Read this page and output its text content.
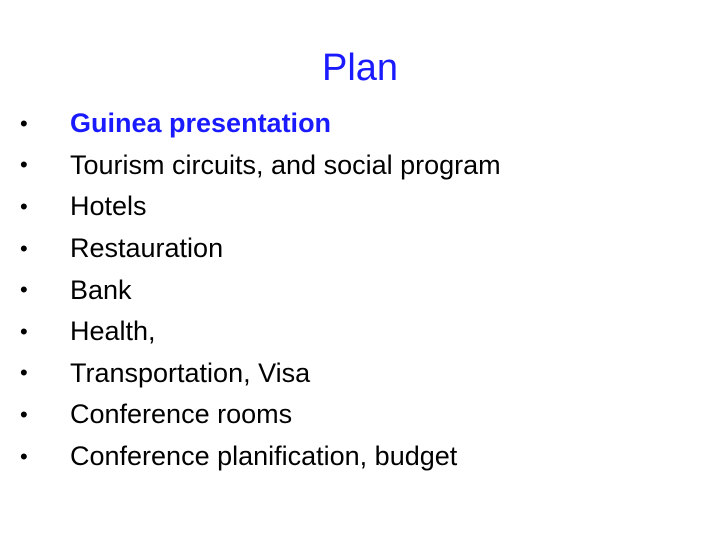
Plan
•	Guinea presentation
•	Tourism circuits, and social program
•	Hotels
•	Restauration
•	Bank
•	Health,
•	Transportation, Visa
•	Conference rooms
•	Conference planification, budget
